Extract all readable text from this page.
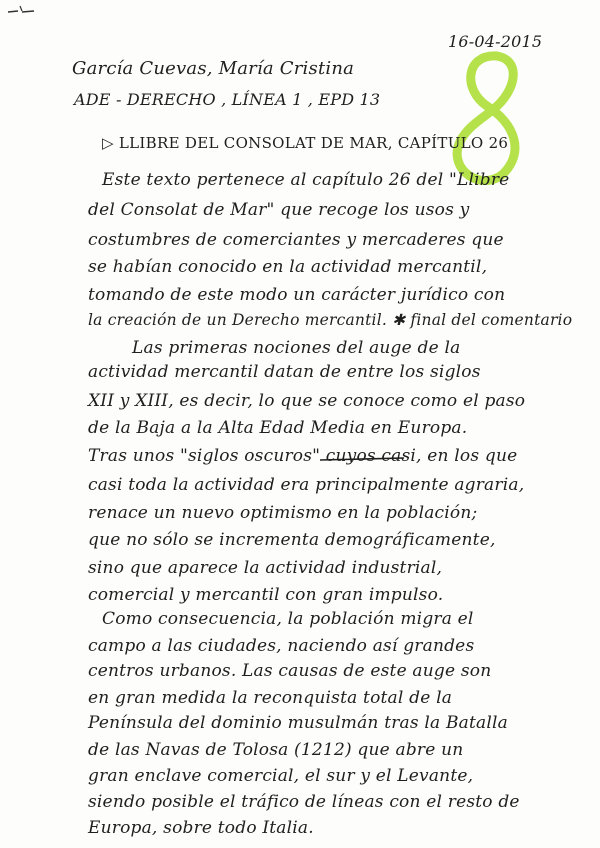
16-04-2015
García Cuevas, María Cristina
ADE - DERECHO , LÍNEA 1 , EPD 13
▷ LLIBRE DEL CONSOLAT DE MAR, CAPÍTULO 26
Este texto pertenece al capítulo 26 del "Llibre
del Consolat de Mar" que recoge los usos y
costumbres de comerciantes y mercaderes que
se habían conocido en la actividad mercantil,
tomando de este modo un carácter jurídico con
la creación de un Derecho mercantil. ✱ final del comentario
Las primeras nociones del auge de la
actividad mercantil datan de entre los siglos
XII y XIII, es decir, lo que se conoce como el paso
de la Baja a la Alta Edad Media en Europa.
Tras unos "siglos oscuros" cuyos casi, en los que
casi toda la actividad era principalmente agraria,
renace un nuevo optimismo en la población;
que no sólo se incrementa demográficamente,
sino que aparece la actividad industrial,
comercial y mercantil con gran impulso.
Como consecuencia, la población migra el
campo a las ciudades, naciendo así grandes
centros urbanos. Las causas de este auge son
en gran medida la reconquista total de la
Península del dominio musulmán tras la Batalla
de las Navas de Tolosa (1212) que abre un
gran enclave comercial, el sur y el Levante,
siendo posible el tráfico de líneas con el resto de
Europa, sobre todo Italia.
